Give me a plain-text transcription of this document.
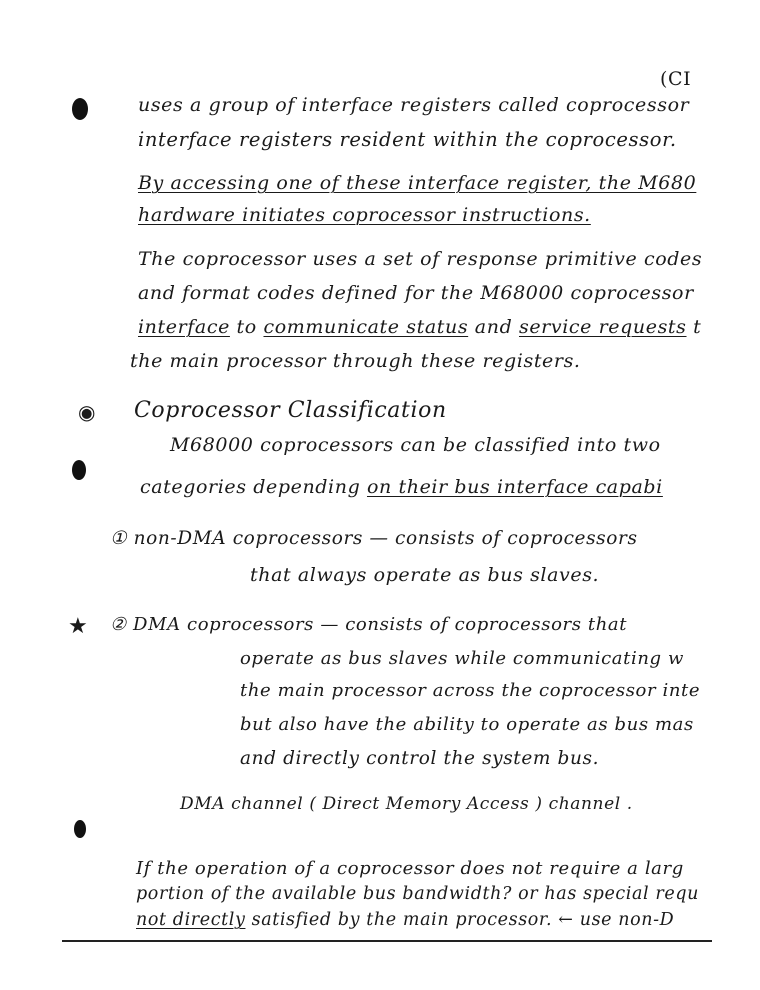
(CI
uses a group of interface registers called coprocessor
interface registers resident within the coprocessor.
By accessing one of these interface register, the M680
hardware initiates coprocessor instructions.
The coprocessor uses a set of response primitive codes
and format codes defined for the M68000 coprocessor
interface to communicate status and service requests t
the main processor through these registers.
◉ Coprocessor Classification
M68000 coprocessors can be classified into two
categories depending on their bus interface capabi
① non-DMA coprocessors — consists of coprocessors
that always operate as bus slaves.
★ ② DMA coprocessors — consists of coprocessors that
operate as bus slaves while communicating w
the main processor across the coprocessor inte
but also have the ability to operate as bus mas
and directly control the system bus.
DMA channel ( Direct Memory Access ) channel .
If the operation of a coprocessor does not require a larg
portion of the available bus bandwidth? or has special requ
not directly satisfied by the main processor. ← use non-D
